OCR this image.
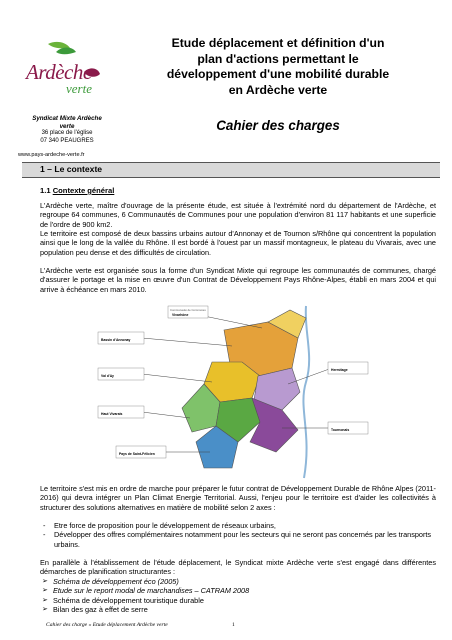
Ardèche
verte
Syndicat Mixte Ardèche
verte
36 place de l'église
07 340 PEAUGRES
www.pays-ardeche-verte.fr
Etude déplacement et définition d'un
plan d'actions permettant le
développement d'une mobilité durable
en Ardèche verte
Cahier des charges
1 – Le contexte
1.1 Contexte général
L'Ardèche verte, maître d'ouvrage de la présente étude, est située à l'extrémité nord du département de l'Ardèche, et regroupe 64 communes, 6 Communautés de Communes pour une population d'environ 81 117 habitants et une superficie de l'ordre de 900 km2.
Le territoire est composé de deux bassins urbains autour d'Annonay et de Tournon s/Rhône qui concentrent la population ainsi que le long de la vallée du Rhône. Il est bordé à l'ouest par un massif montagneux, le plateau du Vivarais, avec une population peu dense et des difficultés de circulation.
L'Ardèche verte est organisée sous la forme d'un Syndicat Mixte qui regroupe les communautés de communes, chargé d'assurer le portage et la mise en œuvre d'un Contrat de Développement Pays Rhône-Alpes, établi en mars 2004 et qui arrive à échéance en mars 2010.
Communauté de Communes
Vivarhône
Bassin d'Annonay
Val d'Ay
Haut Vivarais
Pays de Saint-Félicien
Tournonais
Hermitage
Le territoire s'est mis en ordre de marche pour préparer le futur contrat de Développement Durable de Rhône Alpes (2011-2016) qui devra intégrer un Plan Climat Energie Territorial. Aussi, l'enjeu pour le territoire est d'aider les collectivités à structurer des solutions alternatives en matière de mobilité selon 2 axes :
- Etre force de proposition pour le développement de réseaux urbains,
- Développer des offres complémentaires notamment pour les secteurs qui ne seront pas concernés par les transports urbains.
En parallèle à l'établissement de l'étude déplacement, le Syndicat mixte Ardèche verte s'est engagé dans différentes démarches de planification structurantes :
➢ Schéma de développement éco (2005)
➢ Etude sur le report modal de marchandises – CATRAM 2008
➢ Schéma de développement touristique durable
➢ Bilan des gaz à effet de serre
Cahier des charge « Etude déplacement Ardèche verte	1
